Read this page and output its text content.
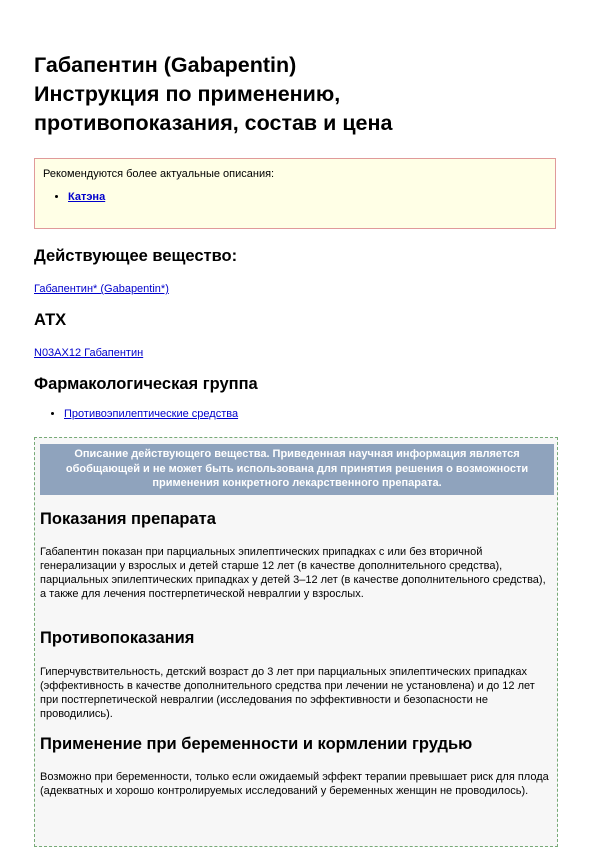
Габапентин (Gabapentin)
Инструкция по применению,
противопоказания, состав и цена
Рекомендуются более актуальные описания:
• Катэна
Действующее вещество:
Габапентин* (Gabapentin*)
АТХ
N03AX12 Габапентин
Фармакологическая группа
• Противоэпилептические средства
Описание действующего вещества. Приведенная научная информация является обобщающей и не может быть использована для принятия решения о возможности применения конкретного лекарственного препарата.
Показания препарата

Габапентин показан при парциальных эпилептических припадках с или без вторичной генерализации у взрослых и детей старше 12 лет (в качестве дополнительного средства), парциальных эпилептических припадках у детей 3–12 лет (в качестве дополнительного средства), а также для лечения постгерпетической невралгии у взрослых.

Противопоказания

Гиперчувствительность, детский возраст до 3 лет при парциальных эпилептических припадках (эффективность в качестве дополнительного средства при лечении не установлена) и до 12 лет при постгерпетической невралгии (исследования по эффективности и безопасности не проводились).

Применение при беременности и кормлении грудью

Возможно при беременности, только если ожидаемый эффект терапии превышает риск для плода (адекватных и хорошо контролируемых исследований у беременных женщин не проводилось).
